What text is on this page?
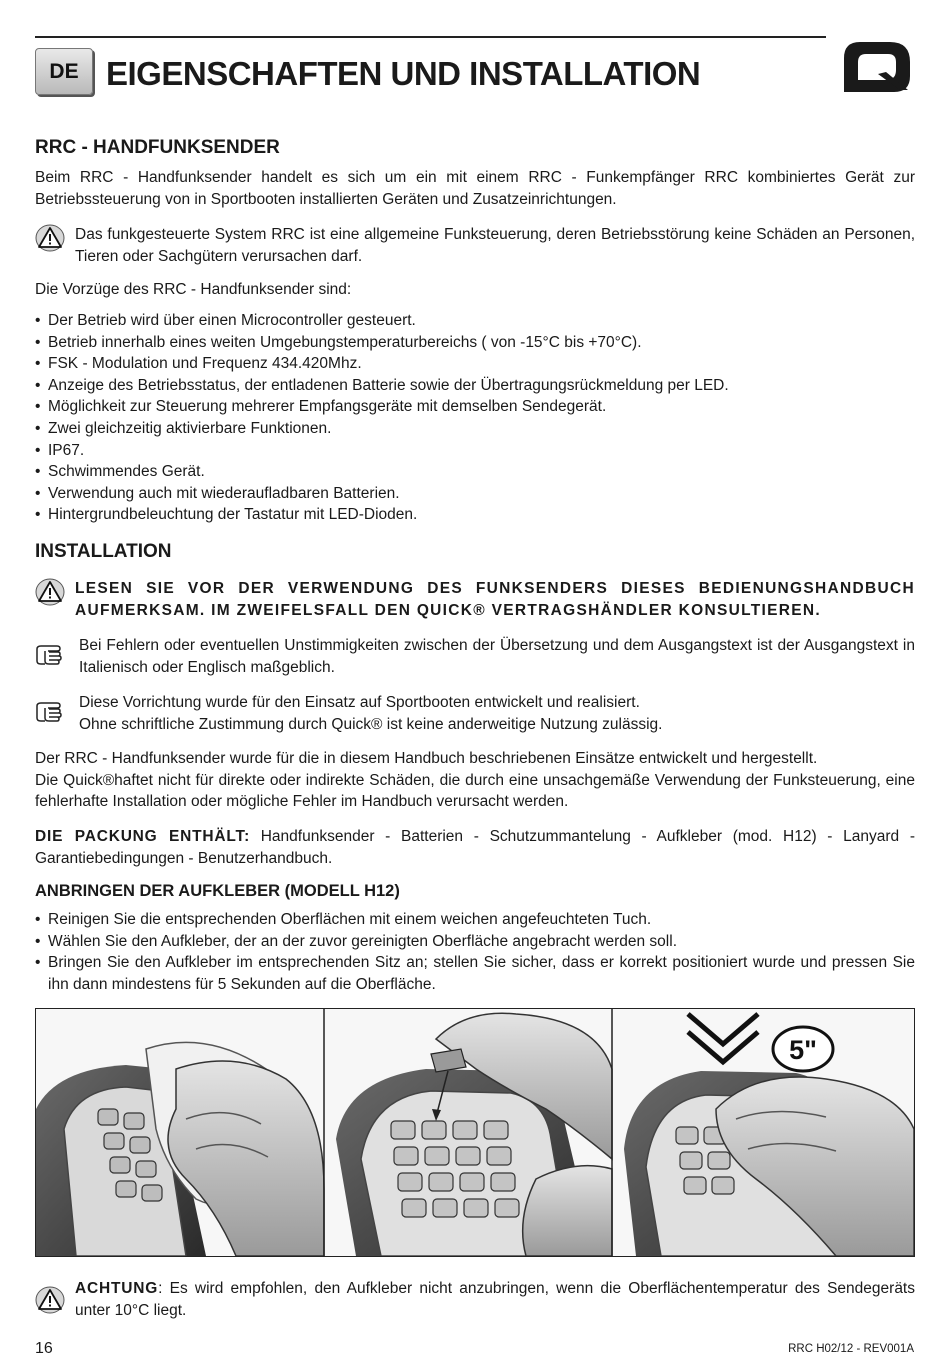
DE EIGENSCHAFTEN UND INSTALLATION
RRC - HANDFUNKSENDER

Beim RRC - Handfunksender handelt es sich um ein mit einem RRC - Funkempfänger RRC kombiniertes Gerät zur Betriebssteuerung von in Sportbooten installierten Geräten und Zusatzeinrichtungen.

Das funkgesteuerte System RRC ist eine allgemeine Funksteuerung, deren Betriebsstörung keine Schäden an Personen, Tieren oder Sachgütern verursachen darf.

Die Vorzüge des RRC - Handfunksender sind:

• Der Betrieb wird über einen Microcontroller gesteuert.
• Betrieb innerhalb eines weiten Umgebungstemperaturbereichs ( von -15°C bis +70°C).
• FSK - Modulation und Frequenz 434.420Mhz.
• Anzeige des Betriebsstatus, der entladenen Batterie sowie der Übertragungsrückmeldung per LED.
• Möglichkeit zur Steuerung mehrerer Empfangsgeräte mit demselben Sendegerät.
• Zwei gleichzeitig aktivierbare Funktionen.
• IP67.
• Schwimmendes Gerät.
• Verwendung auch mit wiederaufladbaren Batterien.
• Hintergrundbeleuchtung der Tastatur mit LED-Dioden.
INSTALLATION
LESEN SIE VOR DER VERWENDUNG DES FUNKSENDERS DIESES BEDIENUNGSHANDBUCH AUFMERKSAM. IM ZWEIFELSFALL DEN QUICK® VERTRAGSHÄNDLER KONSULTIEREN.
Bei Fehlern oder eventuellen Unstimmigkeiten zwischen der Übersetzung und dem Ausgangstext ist der Ausgangstext in Italienisch oder Englisch maßgeblich.
Diese Vorrichtung wurde für den Einsatz auf Sportbooten entwickelt und realisiert.
Ohne schriftliche Zustimmung durch Quick® ist keine anderweitige Nutzung zulässig.
Der RRC - Handfunksender wurde für die in diesem Handbuch beschriebenen Einsätze entwickelt und hergestellt.
Die Quick®haftet nicht für direkte oder indirekte Schäden, die durch eine unsachgemäße Verwendung der Funksteuerung, eine fehlerhafte Installation oder mögliche Fehler im Handbuch verursacht werden.

DIE PACKUNG ENTHÄLT: Handfunksender - Batterien - Schutzummantelung - Aufkleber (mod. H12) - Lanyard - Garantiebedingungen - Benutzerhandbuch.

ANBRINGEN DER AUFKLEBER (MODELL H12)
• Reinigen Sie die entsprechenden Oberflächen mit einem weichen angefeuchteten Tuch.
• Wählen Sie den Aufkleber, der an der zuvor gereinigten Oberfläche angebracht werden soll.
• Bringen Sie den Aufkleber im entsprechenden Sitz an; stellen Sie sicher, dass er korrekt positioniert wurde und pressen Sie ihn dann mindestens für 5 Sekunden auf die Oberfläche.
5"
ACHTUNG: Es wird empfohlen, den Aufkleber nicht anzubringen, wenn die Oberflächentemperatur des Sendegeräts unter 10°C liegt.
16	RRC H02/12 - REV001A
